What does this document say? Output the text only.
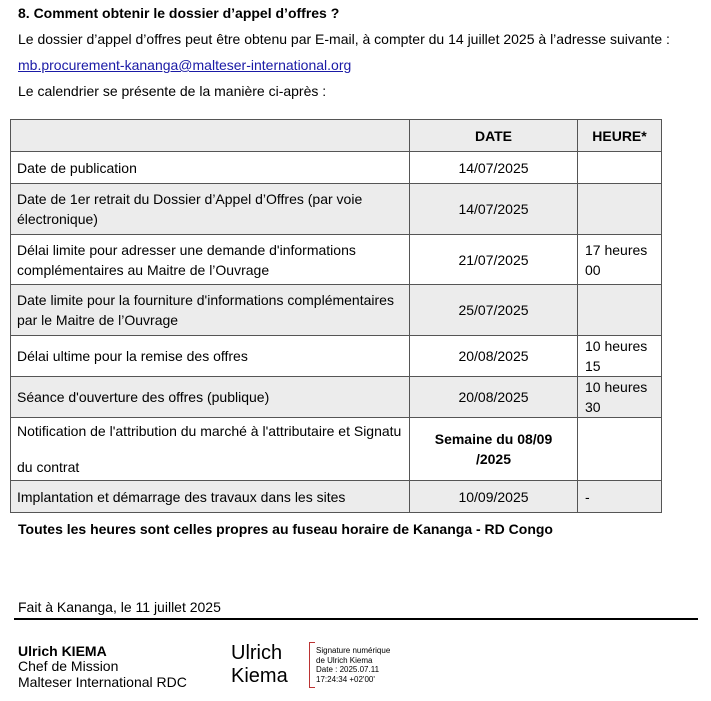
8. Comment obtenir le dossier d’appel d’offres ?
Le dossier d’appel d’offres peut être obtenu par E-mail, à compter du 14 juillet 2025 à l’adresse suivante :
mb.procurement-kananga@malteser-international.org
Le calendrier se présente de la manière ci-après :
	DATE	HEURE*
Date de publication	14/07/2025	
Date de 1er retrait du Dossier d’Appel d’Offres (par voie électronique)	14/07/2025	
Délai limite pour adresser une demande d'informations complémentaires au Maitre de l’Ouvrage	21/07/2025	17 heures 00
Date limite pour la fourniture d'informations complémentaires par le Maitre de l’Ouvrage	25/07/2025	
Délai ultime pour la remise des offres	20/08/2025	10 heures 15
Séance d'ouverture des offres (publique)	20/08/2025	10 heures 30

Notification de l'attribution du marché à l'attributaire et Signatu
du contrat	Semaine du 08/09 /2025	
Implantation et démarrage des travaux dans les sites	10/09/2025	-
Toutes les heures sont celles propres au fuseau horaire de Kananga - RD Congo
Fait à Kananga, le 11 juillet 2025
Ulrich KIEMA
Chef de Mission
Malteser International RDC
Ulrich
Kiema
Signature numérique
de Ulrich Kiema
Date : 2025.07.11
17:24:34 +02'00'
